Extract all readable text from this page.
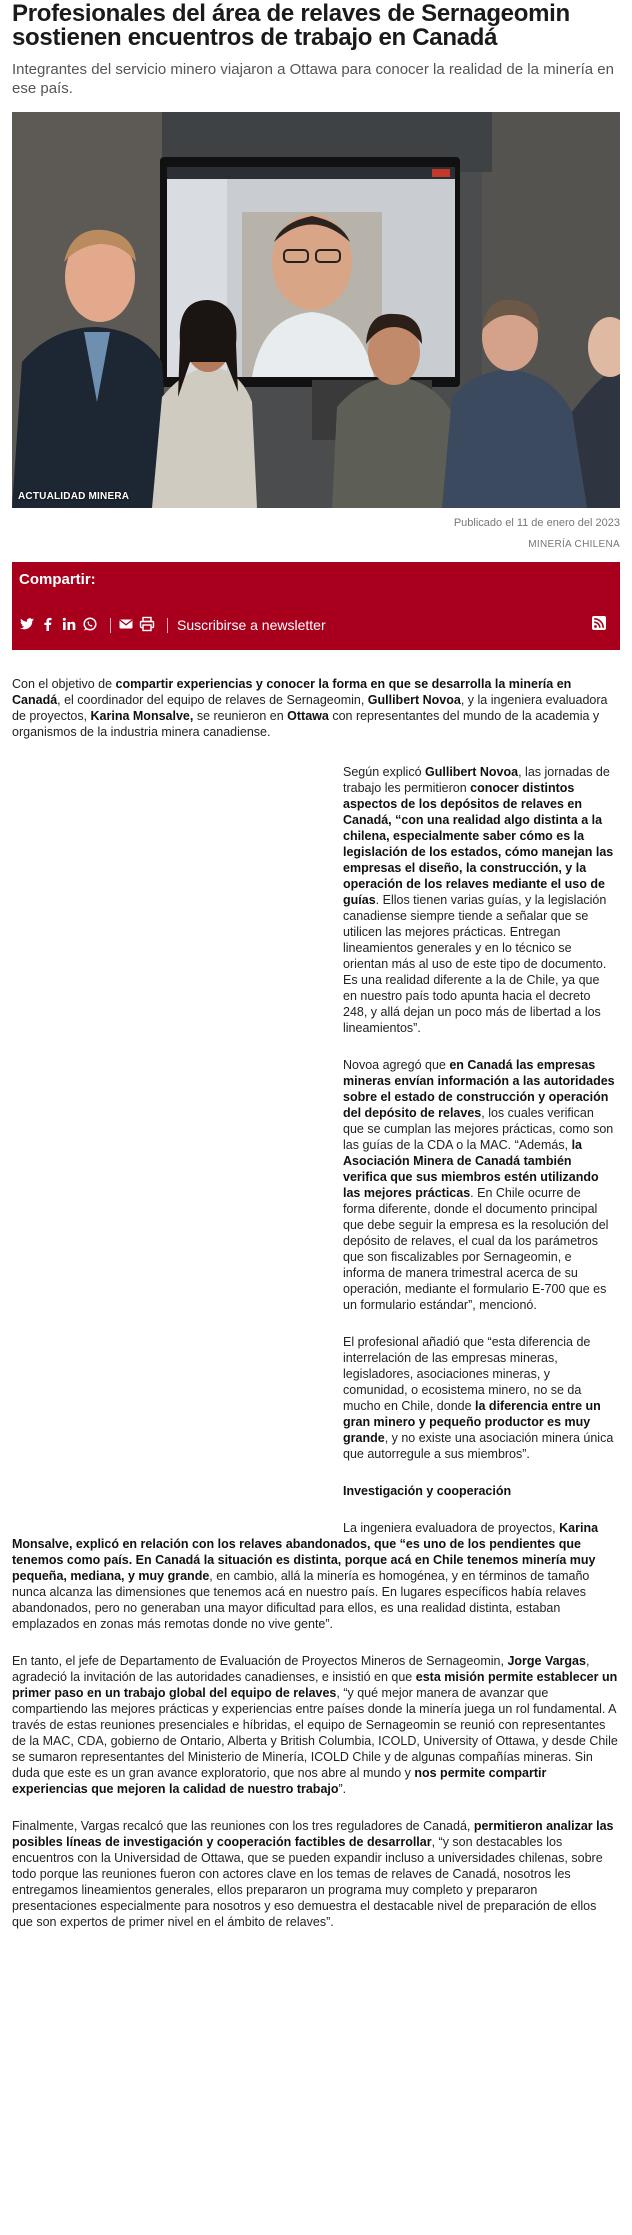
Profesionales del área de relaves de Sernageomin sostienen encuentros de trabajo en Canadá
Integrantes del servicio minero viajaron a Ottawa para conocer la realidad de la minería en ese país.
ACTUALIDAD MINERA
Publicado el 11 de enero del 2023
MINERÍA CHILENA
Compartir:
Suscribirse a newsletter

Con el objetivo de compartir experiencias y conocer la forma en que se desarrolla la minería en Canadá, el coordinador del equipo de relaves de Sernageomin, Gullibert Novoa, y la ingeniera evaluadora de proyectos, Karina Monsalve, se reunieron en Ottawa con representantes del mundo de la academia y organismos de la industria minera canadiense.

Según explicó Gullibert Novoa, las jornadas de trabajo les permitieron conocer distintos aspectos de los depósitos de relaves en Canadá, “con una realidad algo distinta a la chilena, especialmente saber cómo es la legislación de los estados, cómo manejan las empresas el diseño, la construcción, y la operación de los relaves mediante el uso de guías. Ellos tienen varias guías, y la legislación canadiense siempre tiende a señalar que se utilicen las mejores prácticas. Entregan lineamientos generales y en lo técnico se orientan más al uso de este tipo de documento. Es una realidad diferente a la de Chile, ya que en nuestro país todo apunta hacia el decreto 248, y allá dejan un poco más de libertad a los lineamientos”.

Novoa agregó que en Canadá las empresas mineras envían información a las autoridades sobre el estado de construcción y operación del depósito de relaves, los cuales verifican que se cumplan las mejores prácticas, como son las guías de la CDA o la MAC. “Además, la Asociación Minera de Canadá también verifica que sus miembros estén utilizando las mejores prácticas. En Chile ocurre de forma diferente, donde el documento principal que debe seguir la empresa es la resolución del depósito de relaves, el cual da los parámetros que son fiscalizables por Sernageomin, e informa de manera trimestral acerca de su operación, mediante el formulario E-700 que es un formulario estándar”, mencionó.

El profesional añadió que “esta diferencia de interrelación de las empresas mineras, legisladores, asociaciones mineras, y comunidad, o ecosistema minero, no se da mucho en Chile, donde la diferencia entre un gran minero y pequeño productor es muy grande, y no existe una asociación minera única que autorregule a sus miembros”.

Investigación y cooperación

La ingeniera evaluadora de proyectos, Karina Monsalve, explicó en relación con los relaves abandonados, que “es uno de los pendientes que tenemos como país. En Canadá la situación es distinta, porque acá en Chile tenemos minería muy pequeña, mediana, y muy grande, en cambio, allá la minería es homogénea, y en términos de tamaño nunca alcanza las dimensiones que tenemos acá en nuestro país. En lugares específicos había relaves abandonados, pero no generaban una mayor dificultad para ellos, es una realidad distinta, estaban emplazados en zonas más remotas donde no vive gente”.

En tanto, el jefe de Departamento de Evaluación de Proyectos Mineros de Sernageomin, Jorge Vargas, agradeció la invitación de las autoridades canadienses, e insistió en que esta misión permite establecer un primer paso en un trabajo global del equipo de relaves, “y qué mejor manera de avanzar que compartiendo las mejores prácticas y experiencias entre países donde la minería juega un rol fundamental. A través de estas reuniones presenciales e híbridas, el equipo de Sernageomin se reunió con representantes de la MAC, CDA, gobierno de Ontario, Alberta y British Columbia, ICOLD, University of Ottawa, y desde Chile se sumaron representantes del Ministerio de Minería, ICOLD Chile y de algunas compañías mineras. Sin duda que este es un gran avance exploratorio, que nos abre al mundo y nos permite compartir experiencias que mejoren la calidad de nuestro trabajo”.

Finalmente, Vargas recalcó que las reuniones con los tres reguladores de Canadá, permitieron analizar las posibles líneas de investigación y cooperación factibles de desarrollar, “y son destacables los encuentros con la Universidad de Ottawa, que se pueden expandir incluso a universidades chilenas, sobre todo porque las reuniones fueron con actores clave en los temas de relaves de Canadá, nosotros les entregamos lineamientos generales, ellos prepararon un programa muy completo y prepararon presentaciones especialmente para nosotros y eso demuestra el destacable nivel de preparación de ellos que son expertos de primer nivel en el ámbito de relaves”.
